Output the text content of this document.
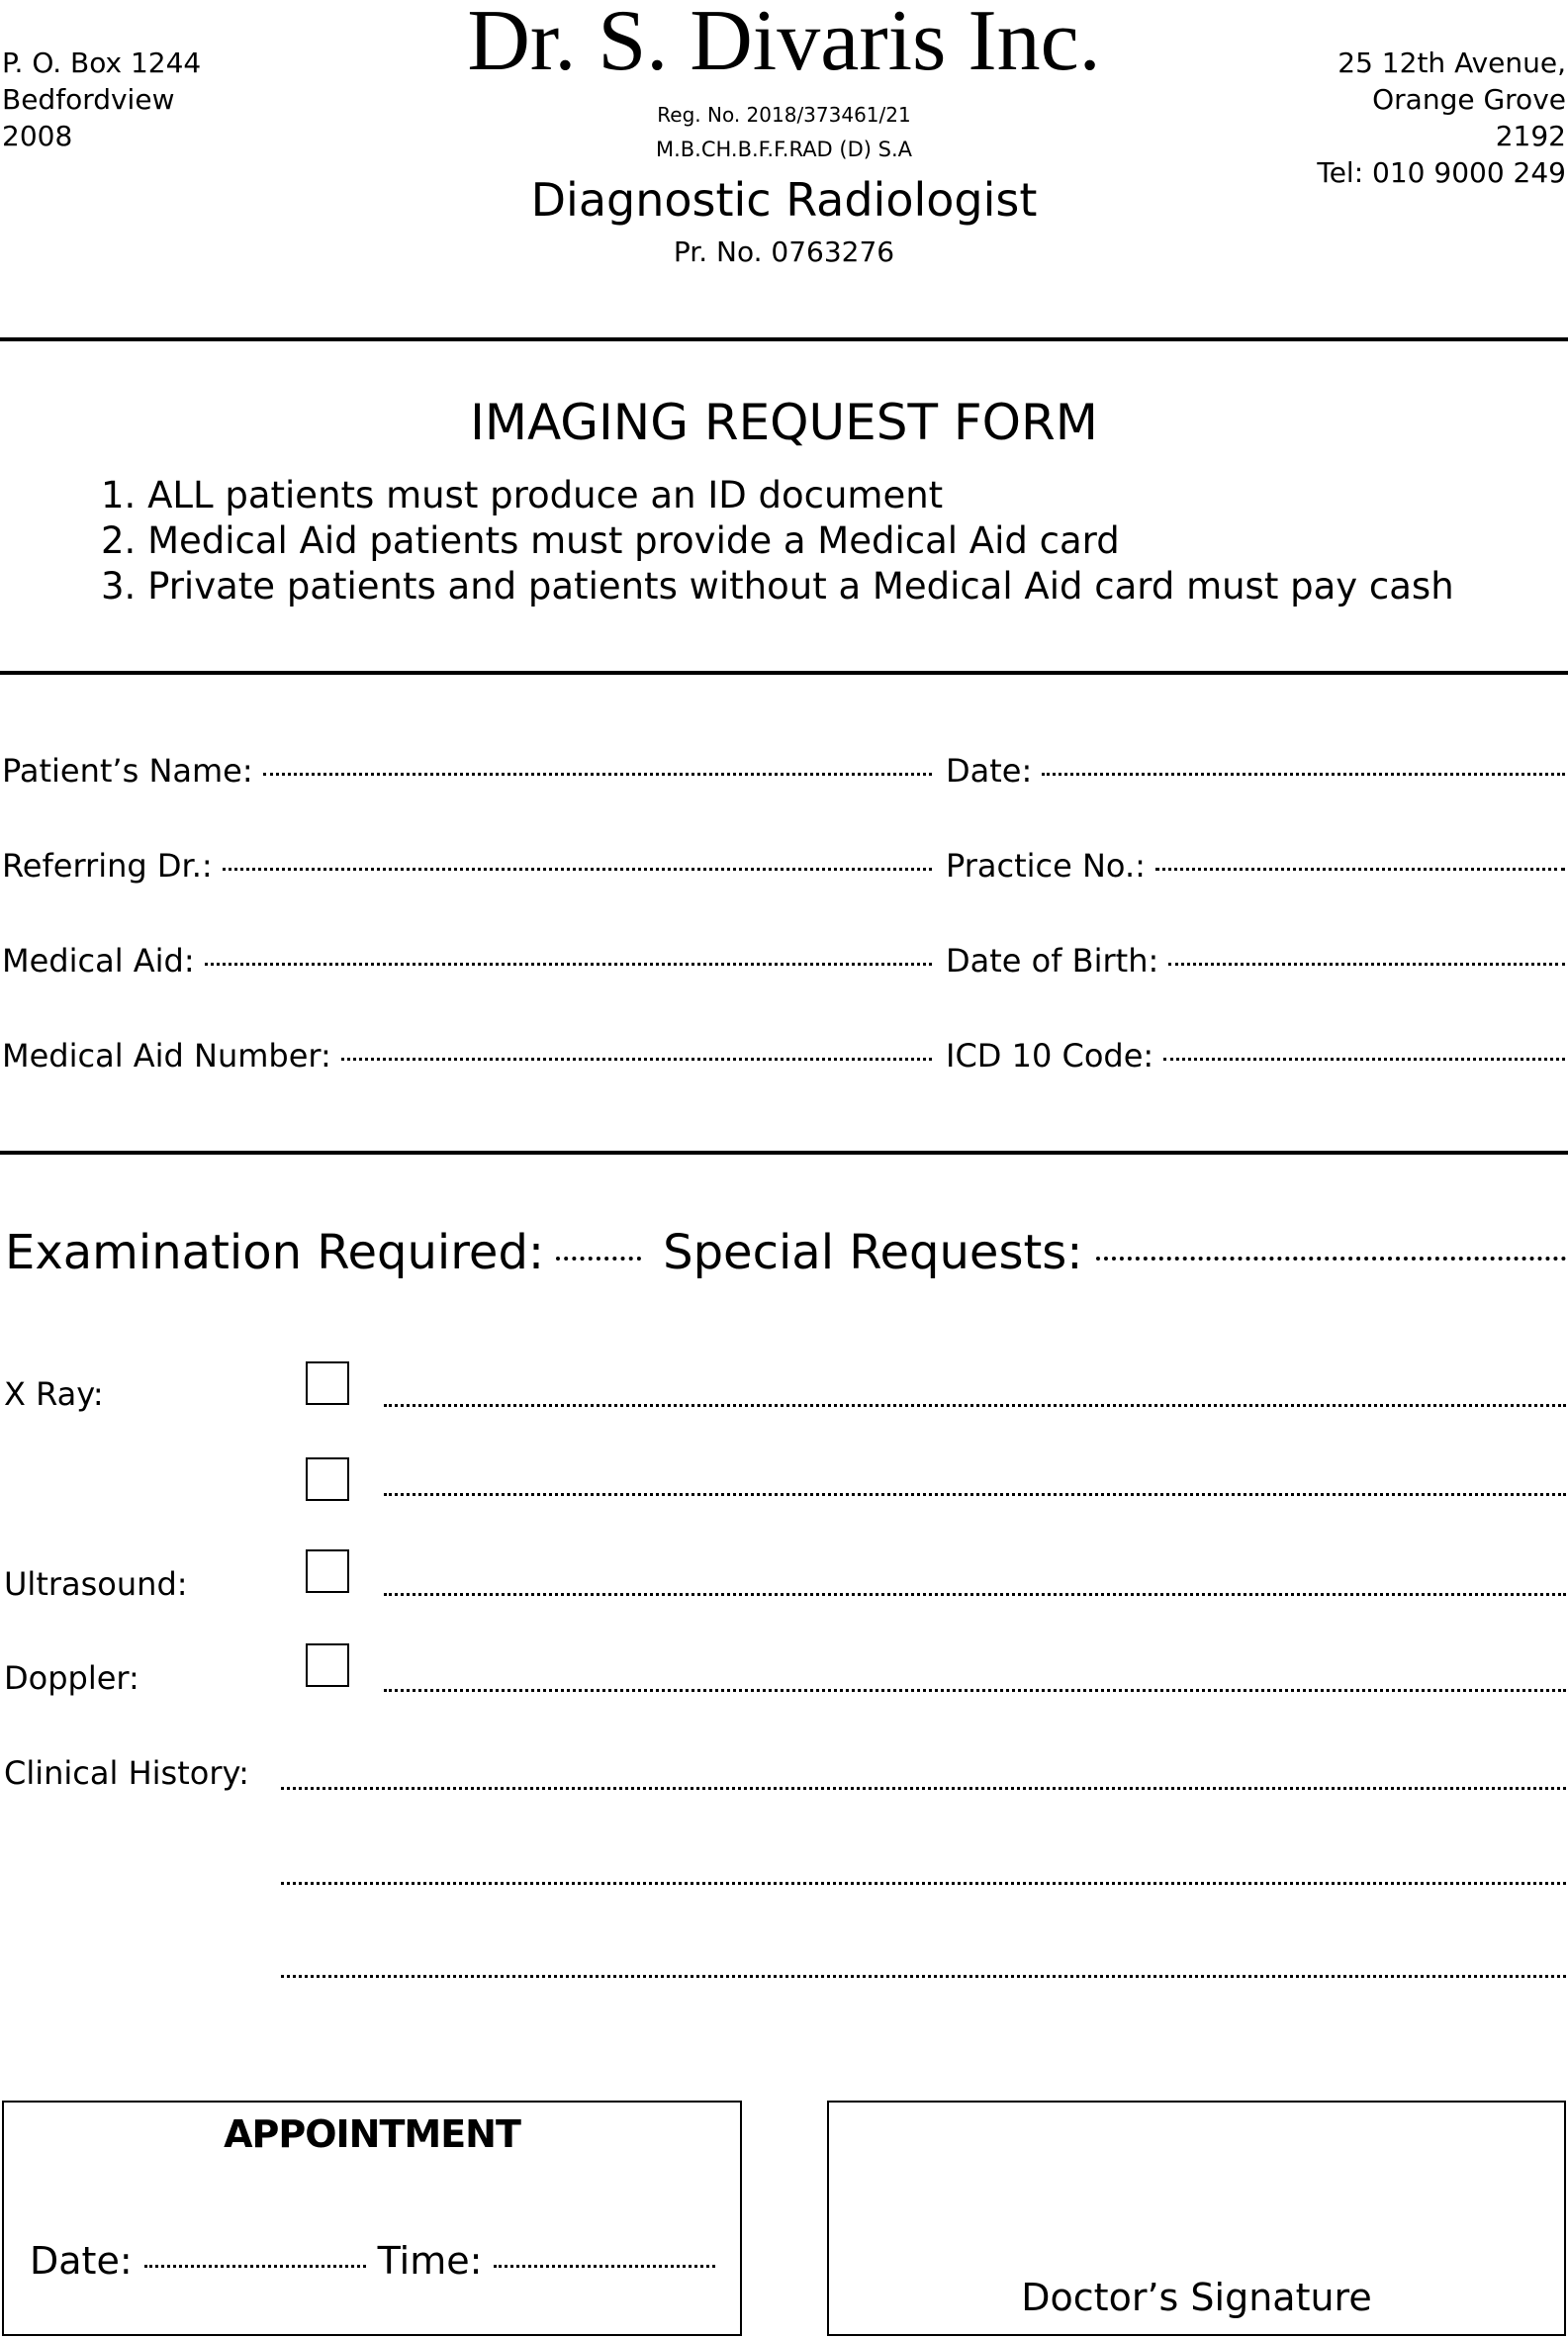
P. O. Box 1244
Bedfordview
2008
Dr. S. Divaris Inc.
Reg. No. 2018/373461/21
M.B.CH.B.F.F.RAD (D) S.A
Diagnostic Radiologist
Pr. No. 0763276
25 12th Avenue,
Orange Grove
2192
Tel: 010 9000 249
IMAGING REQUEST FORM
1. ALL patients must produce an ID document
2. Medical Aid patients must provide a Medical Aid card
3. Private patients and patients without a Medical Aid card must pay cash
Patient’s Name:	Date:
Referring Dr.:	Practice No.:
Medical Aid:	Date of Birth:
Medical Aid Number:	ICD 10 Code:
Examination Required:	Special Requests:
X Ray:
Ultrasound:
Doppler:
Clinical History:
APPOINTMENT
Date:	Time:
Doctor’s Signature
